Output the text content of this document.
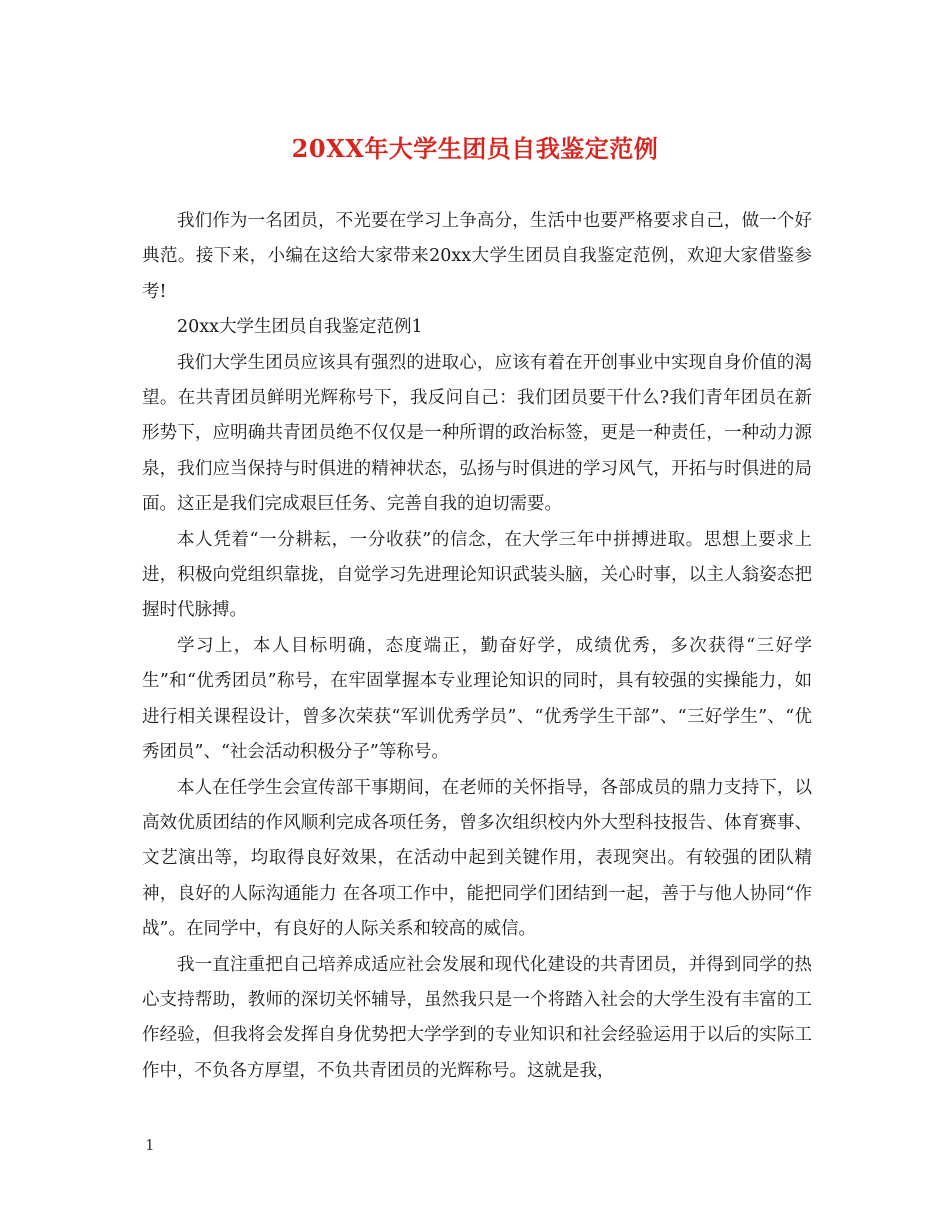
20XX年大学生团员自我鉴定范例

我们作为一名团员，不光要在学习上争高分，生活中也要严格要求自己，做一个好典范。接下来，小编在这给大家带来20xx大学生团员自我鉴定范例，欢迎大家借鉴参考!

20xx大学生团员自我鉴定范例1

我们大学生团员应该具有强烈的进取心，应该有着在开创事业中实现自身价值的渴望。在共青团员鲜明光辉称号下，我反问自己：我们团员要干什么?我们青年团员在新形势下，应明确共青团员绝不仅仅是一种所谓的政治标签，更是一种责任，一种动力源泉，我们应当保持与时俱进的精神状态，弘扬与时俱进的学习风气，开拓与时俱进的局面。这正是我们完成艰巨任务、完善自我的迫切需要。

本人凭着“一分耕耘，一分收获”的信念，在大学三年中拼搏进取。思想上要求上进，积极向党组织靠拢，自觉学习先进理论知识武装头脑，关心时事，以主人翁姿态把握时代脉搏。

学习上，本人目标明确，态度端正，勤奋好学，成绩优秀，多次获得“三好学生”和“优秀团员”称号，在牢固掌握本专业理论知识的同时，具有较强的实操能力，如进行相关课程设计，曾多次荣获“军训优秀学员”、“优秀学生干部”、“三好学生”、“优秀团员”、“社会活动积极分子”等称号。

本人在任学生会宣传部干事期间，在老师的关怀指导，各部成员的鼎力支持下，以高效优质团结的作风顺利完成各项任务，曾多次组织校内外大型科技报告、体育赛事、文艺演出等，均取得良好效果，在活动中起到关键作用，表现突出。有较强的团队精神，良好的人际沟通能力 在各项工作中，能把同学们团结到一起，善于与他人协同“作战”。在同学中，有良好的人际关系和较高的威信。

我一直注重把自己培养成适应社会发展和现代化建设的共青团员，并得到同学的热心支持帮助，教师的深切关怀辅导，虽然我只是一个将踏入社会的大学生没有丰富的工作经验，但我将会发挥自身优势把大学学到的专业知识和社会经验运用于以后的实际工作中，不负各方厚望，不负共青团员的光辉称号。这就是我，

1
